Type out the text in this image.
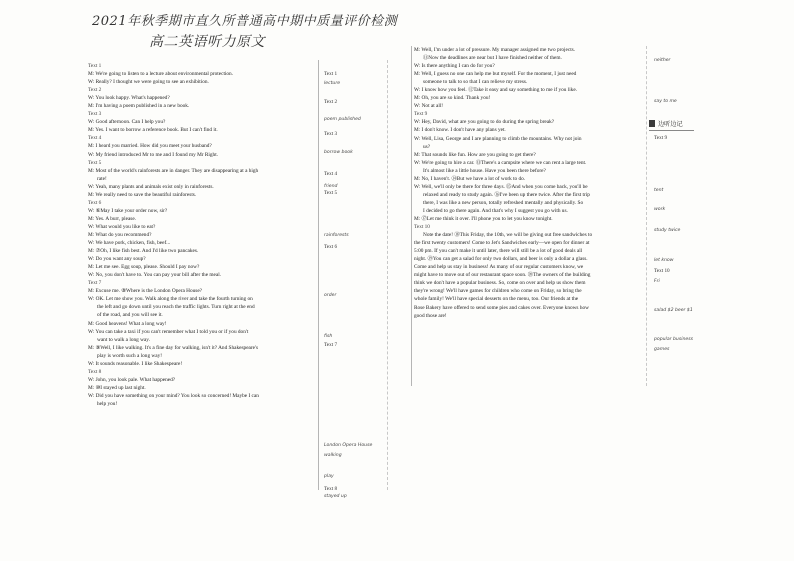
2021年秋季期市直久所普通高中期中质量评价检测
高二英语听力原文
Text 1
M: We're going to listen to a lecture about environmental protection.
W: Really? I thought we were going to see an exhibition.
Text 2
W: You look happy. What's happened?
M: I'm having a poem published in a new book.
Text 3
W: Good afternoon. Can I help you?
M: Yes. I want to borrow a reference book. But I can't find it.
Text 4
M: I heard you married. How did you meet your husband?
W: My friend introduced Mr to me and I found my Mr Right.
Text 5
M: Most of the world's rainforests are in danger. They are disappearing at a high
rate!
W: Yeah, many plants and animals exist only in rainforests.
M: We really need to save the beautiful rainforests.
Text 6
W: ⑥May I take your order now, sir?
M: Yes. A burr, please.
W: What would you like to eat?
M: What do you recommend?
W: We have pork, chicken, fish, beef...
M: ⑦Oh, I like fish best. And I'd like two pancakes.
W: Do you want any soup?
M: Let me see. Egg soup, please. Should I pay now?
W: No, you don't have to. You can pay your bill after the meal.
Text 7
M: Excuse me. ⑧Where is the London Opera House?
W: OK. Let me show you. Walk along the river and take the fourth turning on
the left and go down until you reach the traffic lights. Turn right at the end
of the road, and you will see it.
M: Good heavens! What a long way!
W: You can take a taxi if you can't remember what I told you or if you don't
want to walk a long way.
M: ⑨Well, I like walking. It's a fine day for walking, isn't it? And Shakespeare's
play is worth such a long way!
W: It sounds reasonable. I like Shakespeare!
Text 8
W: John, you look pale. What happened?
M: ⑩I stayed up last night.
W: Did you have something on your mind? You look so concerned! Maybe I can
help you!
M: Well, I'm under a lot of pressure. My manager assigned me two projects.
⑪Now the deadlines are near but I have finished neither of them.
W: Is there anything I can do for you?
M: Well, I guess no one can help me but myself. For the moment, I just need
someone to talk to so that I can relieve my stress.
W: I know how you feel. ⑫Take it easy and say something to me if you like.
M: Oh, you are so kind. Thank you!
W: Not at all!
Text 9
W: Hey, David, what are you going to do during the spring break?
M: I don't know. I don't have any plans yet.
W: Well, Lisa, George and I are planning to climb the mountains. Why not join
us?
M: That sounds like fun. How are you going to get there?
W: We're going to hire a car. ⑬There's a campsite where we can rent a large tent.
It's almost like a little house. Have you been there before?
M: No, I haven't. ⑭But we have a lot of work to do.
W: Well, we'll only be there for three days. ⑮And when you come back, you'll be
relaxed and ready to study again. ⑯I've been up there twice. After the first trip
there, I was like a new person, totally refreshed mentally and physically. So
I decided to go there again. And that's why I suggest you go with us.
M: ⑰Let me think it over. I'll phone you to let you know tonight.
Text 10
Note the date! ⑱This Friday, the 10th, we will be giving out free sandwiches to
the first twenty customers! Come to Jet's Sandwiches early—we open for dinner at
5:00 pm. If you can't make it until later, there will still be a lot of good deals all
night. ⑲You can get a salad for only two dollars, and beer is only a dollar a glass.
Come and help us stay in business! As many of our regular customers know, we
might have to move out of our restaurant space soon. ⑳The owners of the building
think we don't have a popular business. So, come on over and help us show them
they're wrong! We'll have games for children who come on Friday, so bring the
whole family! We'll have special desserts on the menu, too. Our friends at the
Rose Bakery have offered to send some pies and cakes over. Everyone knows how
good those are!
Text 1
lecture
Text 2
poem published
Text 3
borrow book
Text 4
friend
Text 5
rainforests
Text 6
order
fish
Text 7
London Opera House
walking
play
Text 8
stayed up
neither
say to me
Text 9
tent
work
study twice
let know
Text 10
Fri
salad $2 beer $1
popular business
games
边听边记
